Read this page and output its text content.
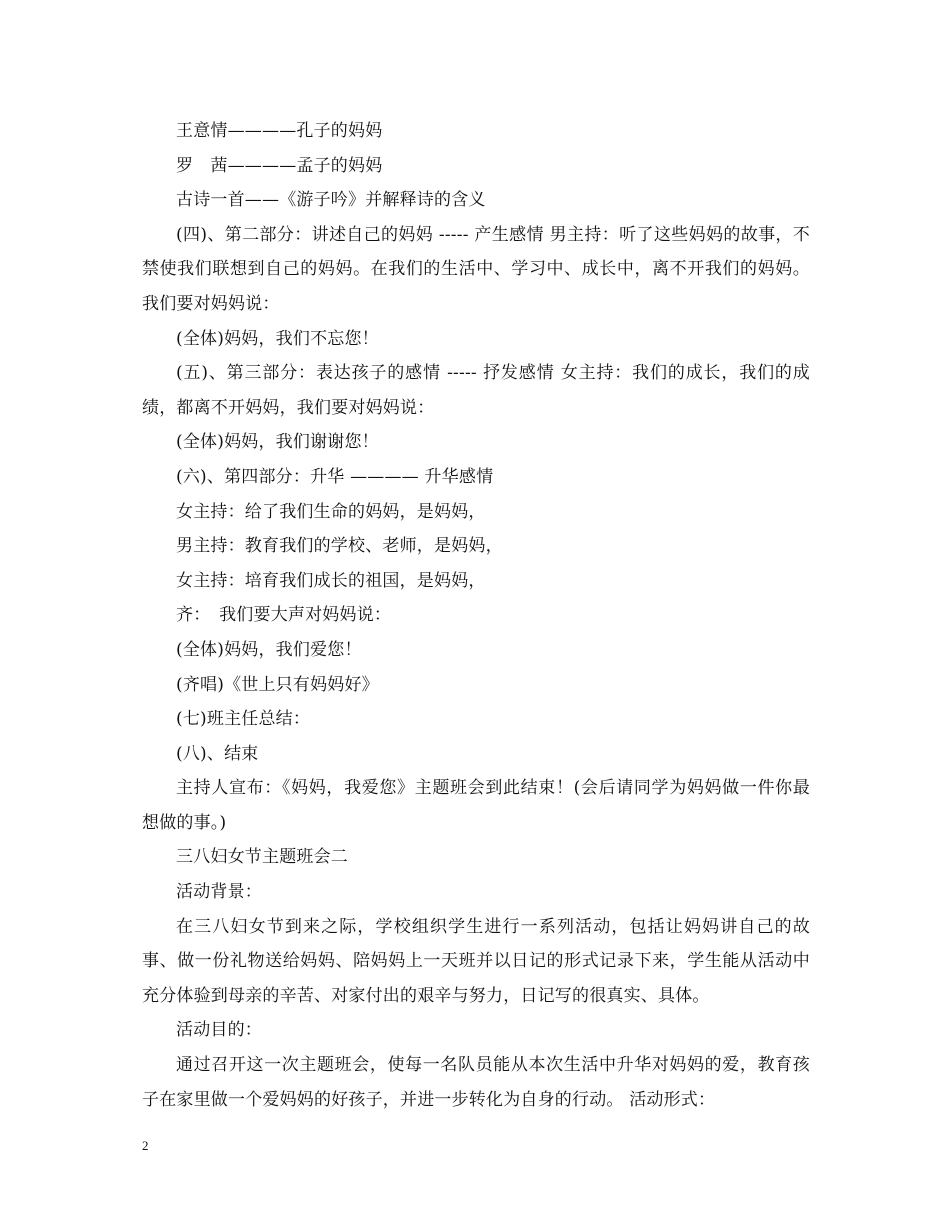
王意情————孔子的妈妈

罗　茜————孟子的妈妈

古诗一首——《游子吟》并解释诗的含义

(四)、第二部分：讲述自己的妈妈 ----- 产生感情 男主持：听了这些妈妈的故事，不禁使我们联想到自己的妈妈。在我们的生活中、学习中、成长中，离不开我们的妈妈。我们要对妈妈说：

(全体)妈妈，我们不忘您！

(五)、第三部分：表达孩子的感情 ----- 抒发感情 女主持：我们的成长，我们的成绩，都离不开妈妈，我们要对妈妈说：

(全体)妈妈，我们谢谢您！

(六)、第四部分：升华 ———— 升华感情

女主持：给了我们生命的妈妈，是妈妈，

男主持：教育我们的学校、老师，是妈妈，

女主持：培育我们成长的祖国，是妈妈，

齐：　我们要大声对妈妈说：

(全体)妈妈，我们爱您！

(齐唱)《世上只有妈妈好》

(七)班主任总结：

(八)、结束

主持人宣布：《妈妈，我爱您》主题班会到此结束！(会后请同学为妈妈做一件你最想做的事。)

三八妇女节主题班会二

活动背景：

在三八妇女节到来之际，学校组织学生进行一系列活动，包括让妈妈讲自己的故事、做一份礼物送给妈妈、陪妈妈上一天班并以日记的形式记录下来，学生能从活动中充分体验到母亲的辛苦、对家付出的艰辛与努力，日记写的很真实、具体。

活动目的：

通过召开这一次主题班会，使每一名队员能从本次生活中升华对妈妈的爱，教育孩子在家里做一个爱妈妈的好孩子，并进一步转化为自身的行动。 活动形式：

2
